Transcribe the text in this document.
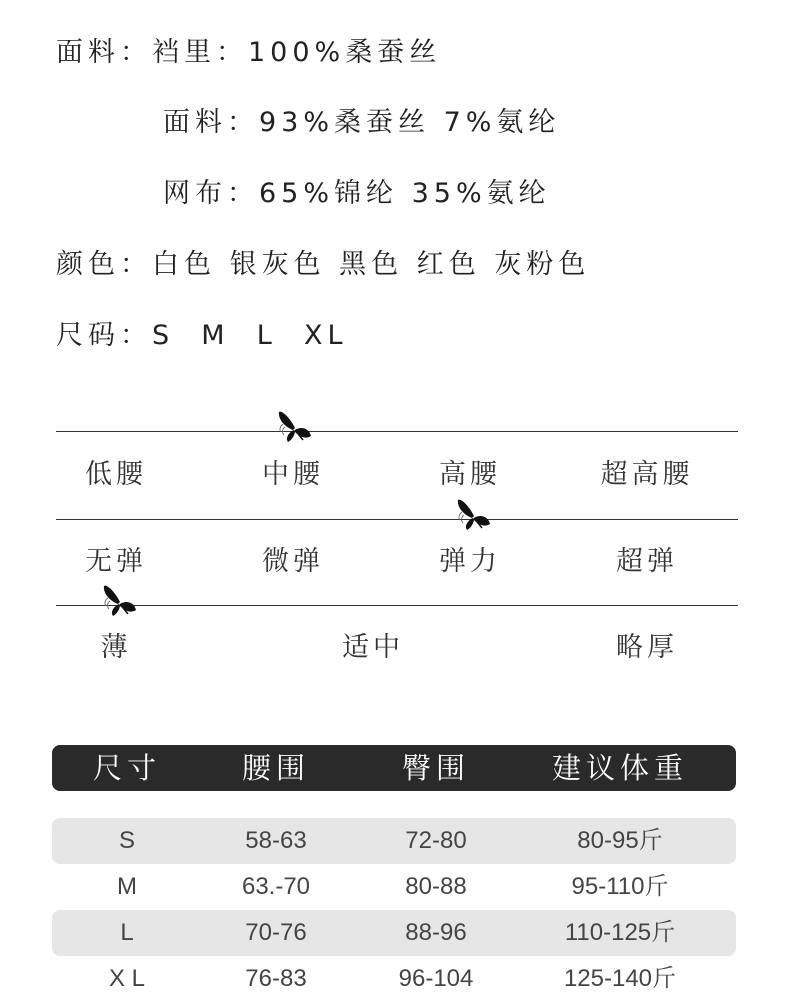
面料：裆里：100%桑蚕丝
面料：93%桑蚕丝 7%氨纶
网布：65%锦纶 35%氨纶
颜色：白色 银灰色 黑色 红色 灰粉色
尺码：S  M  L  XL
低腰	中腰	高腰	超高腰
无弹	微弹	弹力	超弹
薄	适中	略厚
尺寸	腰围	臀围	建议体重
S	58-63	72-80	80-95斤
M	63.-70	80-88	95-110斤
L	70-76	88-96	110-125斤
X L	76-83	96-104	125-140斤
